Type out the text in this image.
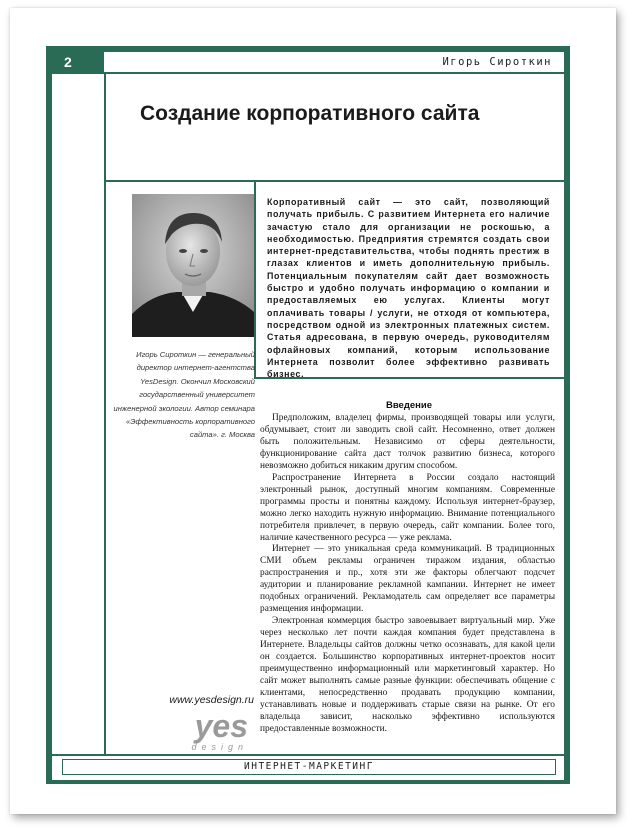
2	Игорь Сироткин
Создание корпоративного сайта
Игорь Сироткин — генеральный директор интернет-агентства YesDesign. Окончил Московский государственный университет инженерной экологии. Автор семинара «Эффективность корпоративного сайта». г. Москва
Корпоративный сайт — это сайт, позволяющий получать прибыль. С развитием Интернета его наличие зачастую стало для организации не роскошью, а необходимостью. Предприятия стремятся создать свои интернет-представительства, чтобы поднять престиж в глазах клиентов и иметь дополнительную прибыль. Потенциальным покупателям сайт дает возможность быстро и удобно получать информацию о компании и предоставляемых ею услугах. Клиенты могут оплачивать товары / услуги, не отходя от компьютера, посредством одной из электронных платежных систем. Статья адресована, в первую очередь, руководителям офлайновых компаний, которым использование Интернета позволит более эффективно развивать бизнес.
Введение

Предположим, владелец фирмы, производящей товары или услуги, обдумывает, стоит ли заводить свой сайт. Несомненно, ответ должен быть положительным. Независимо от сферы деятельности, функционирование сайта даст толчок развитию бизнеса, которого невозможно добиться никаким другим способом.

Распространение Интернета в России создало настоящий электронный рынок, доступный многим компаниям. Современные программы просты и понятны каждому. Используя интернет-браузер, можно легко находить нужную информацию. Внимание потенциального потребителя привлечет, в первую очередь, сайт компании. Более того, наличие качественного ресурса — уже реклама.

Интернет — это уникальная среда коммуникаций. В традиционных СМИ объем рекламы ограничен тиражом издания, областью распространения и пр., хотя эти же факторы облегчают подсчет аудитории и планирование рекламной кампании. Интернет не имеет подобных ограничений. Рекламодатель сам определяет все параметры размещения информации.

Электронная коммерция быстро завоевывает виртуальный мир. Уже через несколько лет почти каждая компания будет представлена в Интернете. Владельцы сайтов должны четко осознавать, для какой цели он создается. Большинство корпоративных интернет-проектов носит преимущественно информационный или маркетинговый характер. Но сайт может выполнять самые разные функции: обеспечивать общение с клиентами, непосредственно продавать продукцию компании, устанавливать новые и поддерживать старые связи на рынке. От его владельца зависит, насколько эффективно используются предоставленные возможности.

www.yesdesign.ru
yes
design
ИНТЕРНЕТ-МАРКЕТИНГ
